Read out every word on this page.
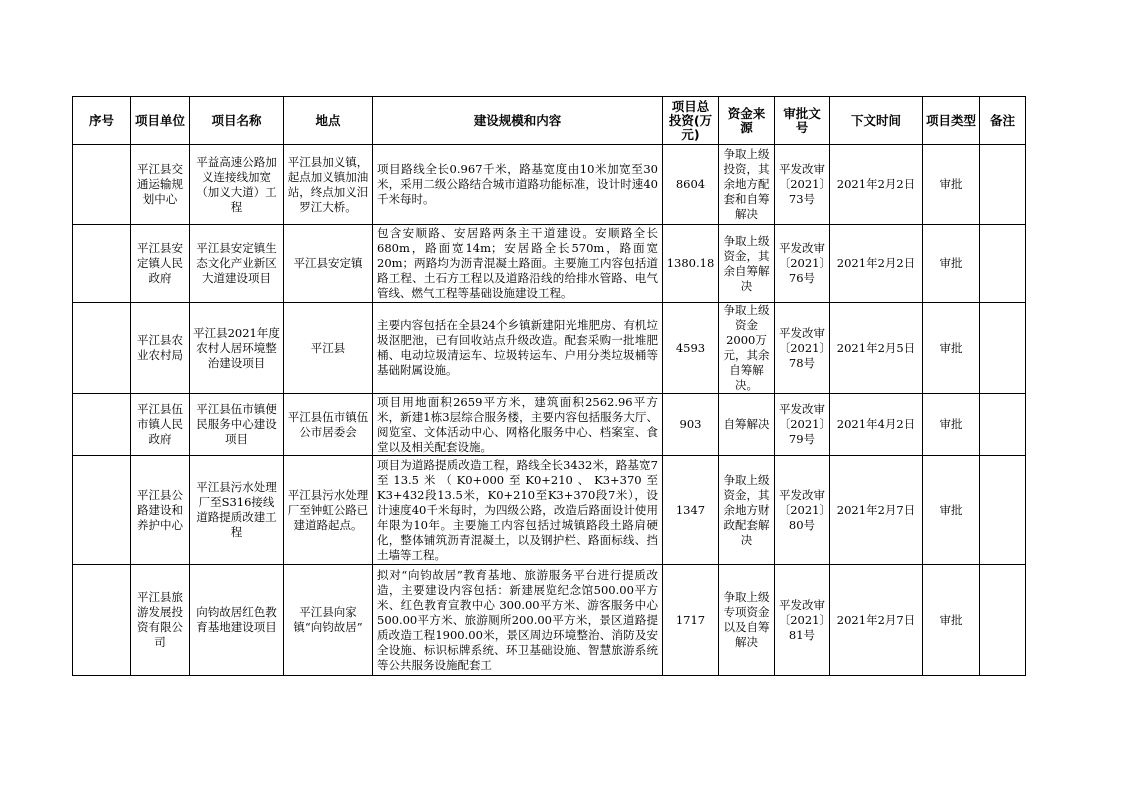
序号	项目单位	项目名称	地点	建设规模和内容	项目总投资(万元)	资金来源	审批文号	下文时间	项目类型	备注
	平江县交通运输规划中心	平益高速公路加义连接线加宽（加义大道）工程	平江县加义镇，起点加义镇加油站，终点加义汨罗江大桥。	项目路线全长0.967千米，路基宽度由10米加宽至30米，采用二级公路结合城市道路功能标准，设计时速40千米每时。	8604	争取上级投资，其余地方配套和自筹解决	平发改审〔2021〕73号	2021年2月2日	审批	
	平江县安定镇人民政府	平江县安定镇生态文化产业新区大道建设项目	平江县安定镇	包含安顺路、安居路两条主干道建设。安顺路全长680m，路面宽14m；安居路全长570m，路面宽20m；两路均为沥青混凝土路面。主要施工内容包括道路工程、土石方工程以及道路沿线的给排水管路、电气管线、燃气工程等基础设施建设工程。	1380.18	争取上级资金，其余自筹解决	平发改审〔2021〕76号	2021年2月2日	审批	
	平江县农业农村局	平江县2021年度农村人居环境整治建设项目	平江县	主要内容包括在全县24个乡镇新建阳光堆肥房、有机垃圾沤肥池，已有回收站点升级改造。配套采购一批堆肥桶、电动垃圾清运车、垃圾转运车、户用分类垃圾桶等基础附属设施。	4593	争取上级资金2000万元，其余自筹解决。	平发改审〔2021〕78号	2021年2月5日	审批	
	平江县伍市镇人民政府	平江县伍市镇便民服务中心建设项目	平江县伍市镇伍公市居委会	项目用地面积2659平方米，建筑面积2562.96平方米，新建1栋3层综合服务楼，主要内容包括服务大厅、阅览室、文体活动中心、网格化服务中心、档案室、食堂以及相关配套设施。	903	自筹解决	平发改审〔2021〕79号	2021年4月2日	审批	
	平江县公路建设和养护中心	平江县污水处理厂至S316接线道路提质改建工程	平江县污水处理厂至钟虹公路已建道路起点。	项目为道路提质改造工程，路线全长3432米，路基宽7至13.5米（K0+000至K0+210、K3+370至K3+432段13.5米，K0+210至K3+370段7米），设计速度40千米每时，为四级公路，改造后路面设计使用年限为10年。主要施工内容包括过城镇路段土路肩硬化，整体铺筑沥青混凝土，以及钢护栏、路面标线、挡土墙等工程。	1347	争取上级资金，其余地方财政配套解决	平发改审〔2021〕80号	2021年2月7日	审批	
	平江县旅游发展投资有限公司	向钧故居红色教育基地建设项目	平江县向家镇“向钧故居”	拟对“向钧故居”教育基地、旅游服务平台进行提质改造，主要建设内容包括：新建展览纪念馆500.00平方米、红色教育宣教中心 300.00平方米、游客服务中心500.00平方米、旅游厕所200.00平方米，景区道路提质改造工程1900.00米，景区周边环境整治、消防及安全设施、标识标牌系统、环卫基础设施、智慧旅游系统等公共服务设施配套工	1717	争取上级专项资金以及自筹解决	平发改审〔2021〕81号	2021年2月7日	审批	
